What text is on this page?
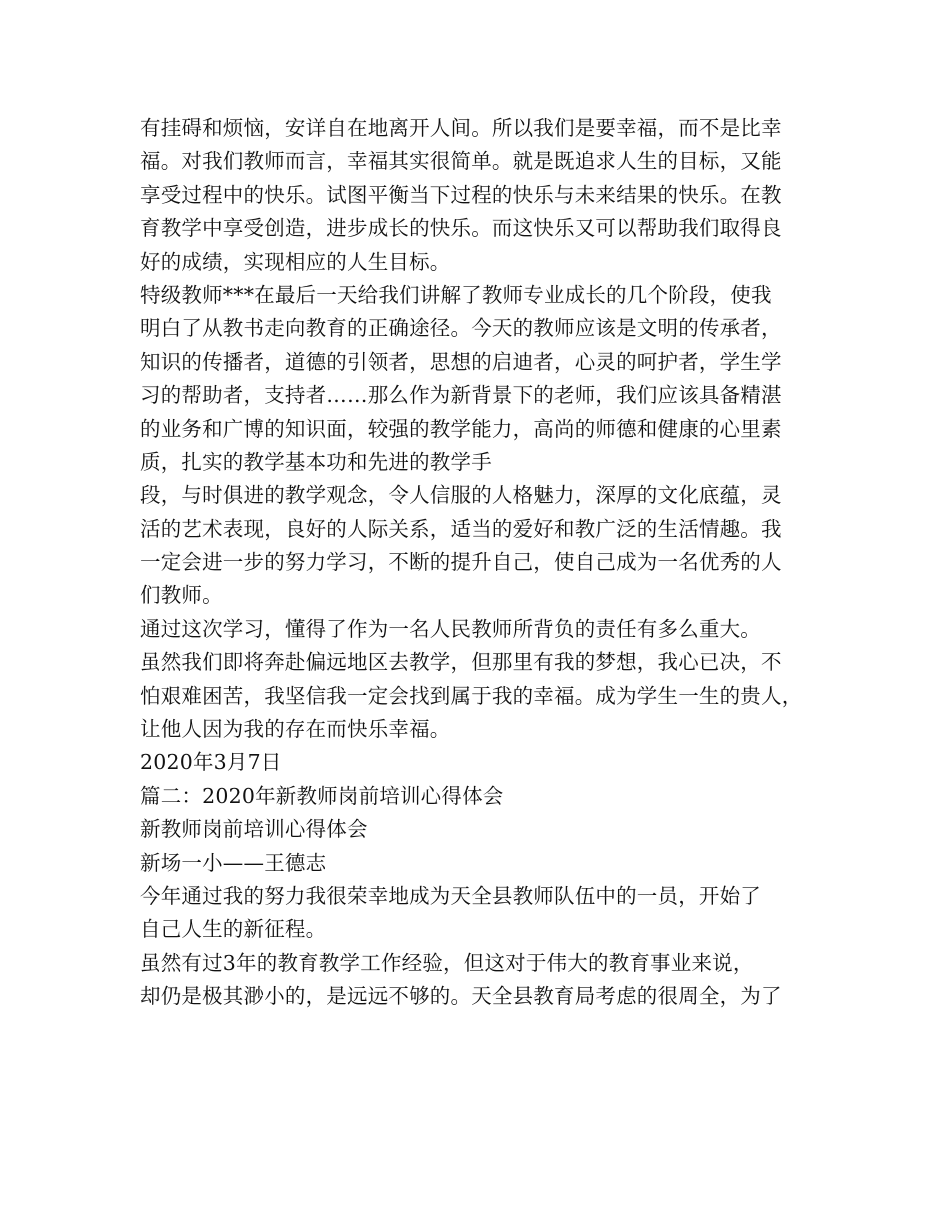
有挂碍和烦恼，安详自在地离开人间。所以我们是要幸福，而不是比幸
福。对我们教师而言，幸福其实很简单。就是既追求人生的目标，又能
享受过程中的快乐。试图平衡当下过程的快乐与未来结果的快乐。在教
育教学中享受创造，进步成长的快乐。而这快乐又可以帮助我们取得良
好的成绩，实现相应的人生目标。
特级教师***在最后一天给我们讲解了教师专业成长的几个阶段，使我
明白了从教书走向教育的正确途径。今天的教师应该是文明的传承者，
知识的传播者，道德的引领者，思想的启迪者，心灵的呵护者，学生学
习的帮助者，支持者……那么作为新背景下的老师，我们应该具备精湛
的业务和广博的知识面，较强的教学能力，高尚的师德和健康的心里素
质，扎实的教学基本功和先进的教学手
段，与时俱进的教学观念，令人信服的人格魅力，深厚的文化底蕴，灵
活的艺术表现，良好的人际关系，适当的爱好和教广泛的生活情趣。我
一定会进一步的努力学习，不断的提升自己，使自己成为一名优秀的人
们教师。
通过这次学习，懂得了作为一名人民教师所背负的责任有多么重大。
虽然我们即将奔赴偏远地区去教学，但那里有我的梦想，我心已决，不
怕艰难困苦，我坚信我一定会找到属于我的幸福。成为学生一生的贵人，
让他人因为我的存在而快乐幸福。
2020年3月7日
篇二：2020年新教师岗前培训心得体会
新教师岗前培训心得体会
新场一小——王德志
今年通过我的努力我很荣幸地成为天全县教师队伍中的一员，开始了
自己人生的新征程。
虽然有过3年的教育教学工作经验，但这对于伟大的教育事业来说，
却仍是极其渺小的，是远远不够的。天全县教育局考虑的很周全，为了
